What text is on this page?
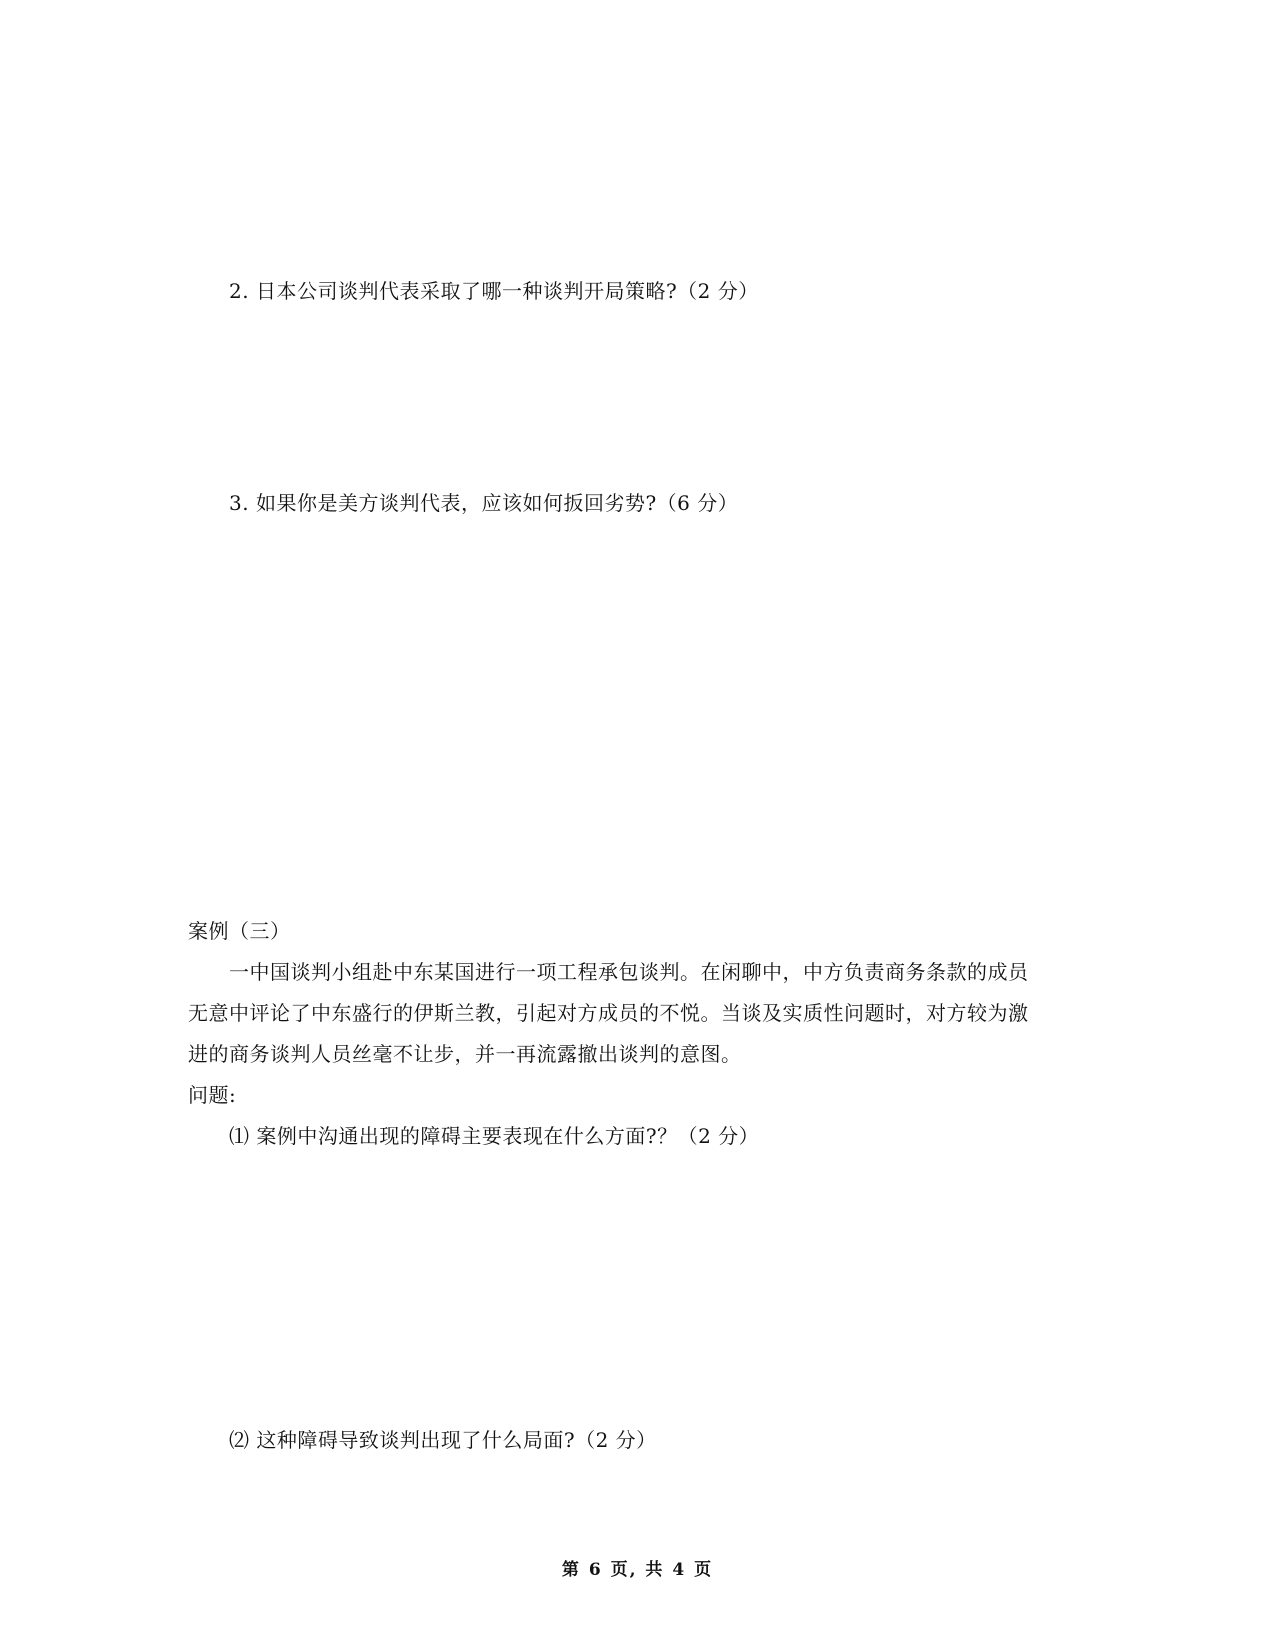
2. 日本公司谈判代表采取了哪一种谈判开局策略?（2 分）
3. 如果你是美方谈判代表，应该如何扳回劣势?（6 分）
案例（三）
一中国谈判小组赴中东某国进行一项工程承包谈判。在闲聊中，中方负责商务条款的成员
无意中评论了中东盛行的伊斯兰教，引起对方成员的不悦。当谈及实质性问题时，对方较为激
进的商务谈判人员丝毫不让步，并一再流露撤出谈判的意图。
问题:
⑴ 案例中沟通出现的障碍主要表现在什么方面?？（2 分）
⑵ 这种障碍导致谈判出现了什么局面?（2 分）
第 6 页, 共 4 页
